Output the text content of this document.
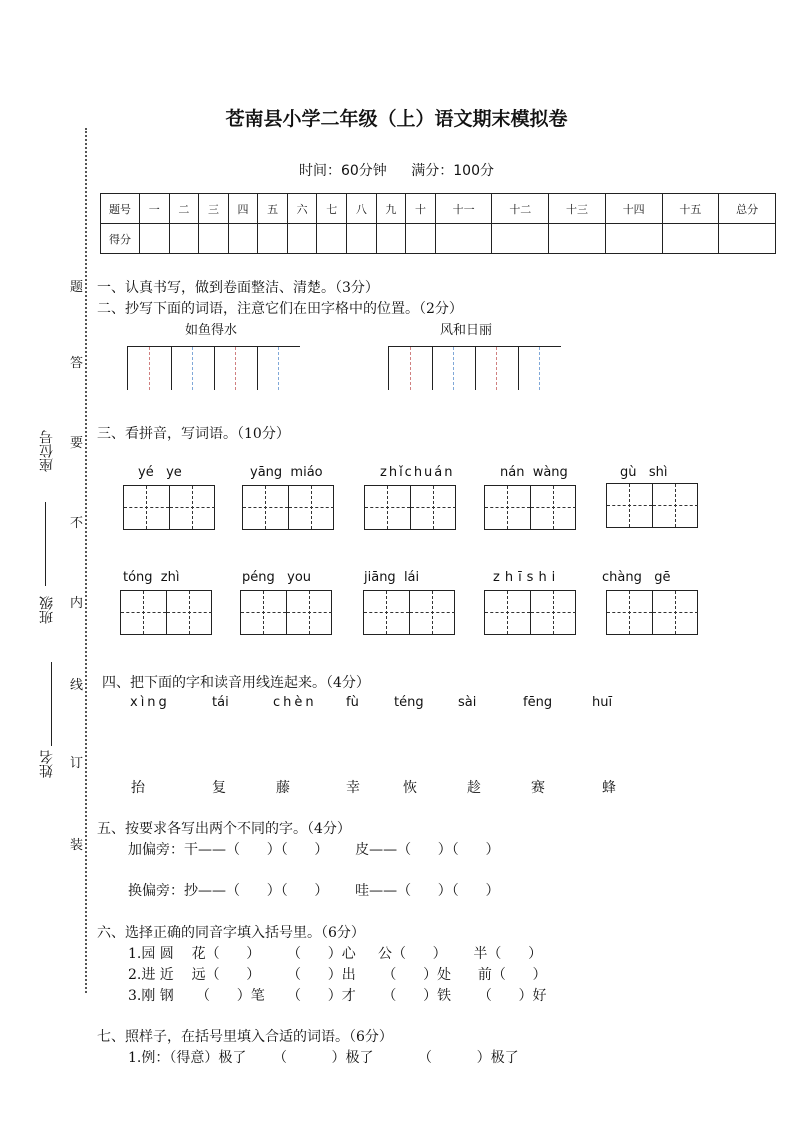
苍南县小学二年级（上）语文期末模拟卷
时间：60分钟 满分：100分
题号	一	二	三	四	五	六	七	八	九	十	十一	十二	十三	十四	十五	总分
得分																
题
答
要
不
内
线
订
装
座位号
班级
姓名
一、认真书写，做到卷面整洁、清楚。（3分）
二、抄写下面的词语，注意它们在田字格中的位置。（2分）
如鱼得水	风和日丽
三、看拼音，写词语。（10分）
yé   ye	yāng  miáo	zhǐchuán	nán  wàng	gù   shì
tóng  zhì	péng   you	jiāng  lái	zhīshi	chàng   gē
四、把下面的字和读音用线连起来。（4分）
xìng	tái	chèn fù	téng	sài	fēng	huī
抬	复	藤	幸	恢	趁	赛	蜂
五、按要求各写出两个不同的字。（4分）
加偏旁：干——（      ）（      ）      皮——（      ）（      ）
换偏旁：抄——（      ）（      ）      哇——（      ）（      ）
六、选择正确的同音字填入括号里。（6分）
1.园 圆    花（      ）      （      ）心     公（      ）      半（      ）
2.进 近    远（      ）      （      ）出      （      ）处      前（      ）
3.刚 钢     （      ）笔     （      ）才      （      ）铁      （      ）好
七、照样子，在括号里填入合适的词语。（6分）
1.例：（得意）极了      （          ）极了          （          ）极了
